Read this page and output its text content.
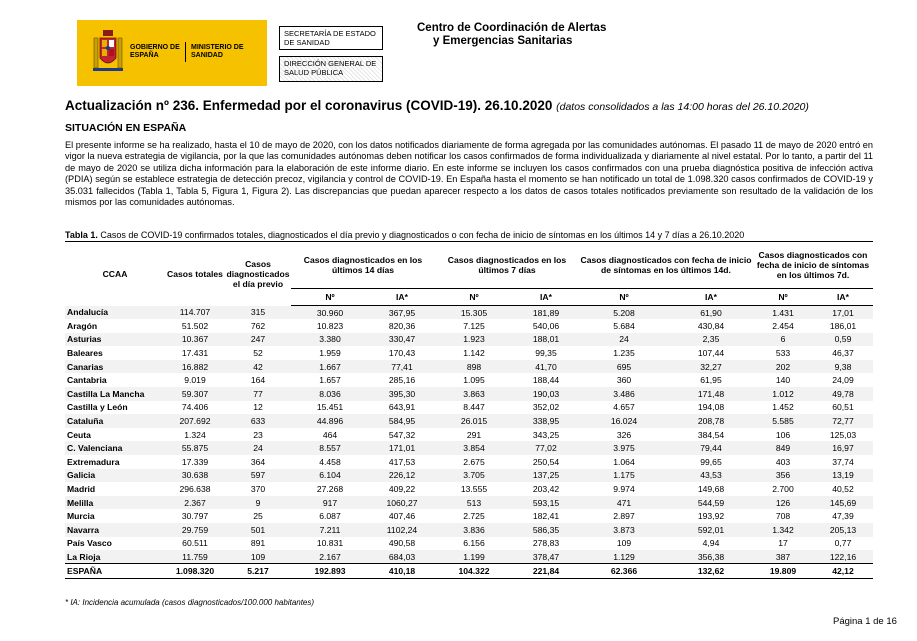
GOBIERNO DE ESPAÑA
MINISTERIO DE SANIDAD
SECRETARÍA DE ESTADO DE SANIDAD
DIRECCIÓN GENERAL DE SALUD PÚBLICA
Centro de Coordinación de Alertas
y Emergencias Sanitarias
Actualización nº 236. Enfermedad por el coronavirus (COVID-19). 26.10.2020 (datos consolidados a las 14:00 horas del 26.10.2020)
SITUACIÓN EN ESPAÑA
El presente informe se ha realizado, hasta el 10 de mayo de 2020, con los datos notificados diariamente de forma agregada por las comunidades autónomas. El pasado 11 de mayo de 2020 entró en vigor la nueva estrategia de vigilancia, por la que las comunidades autónomas deben notificar los casos confirmados de forma individualizada y diariamente al nivel estatal. Por lo tanto, a partir del 11 de mayo de 2020 se utiliza dicha información para la elaboración de este informe diario. En este informe se incluyen los casos confirmados con una prueba diagnóstica positiva de infección activa (PDIA) según se establece estrategia de detección precoz, vigilancia y control de COVID-19. En España hasta el momento se han notificado un total de 1.098.320 casos confirmados de COVID-19 y 35.031 fallecidos (Tabla 1, Tabla 5, Figura 1, Figura 2). Las discrepancias que puedan aparecer respecto a los datos de casos totales notificados previamente son resultado de la validación de los mismos por las comunidades autónomas.
Tabla 1. Casos de COVID-19 confirmados totales, diagnosticados el día previo y diagnosticados o con fecha de inicio de síntomas en los últimos 14 y 7 días a 26.10.2020
CCAA	Casos totales	Casos diagnosticados el día previo	Casos diagnosticados en los últimos 14 días		Casos diagnosticados en los últimos 7 días		Casos diagnosticados con fecha de inicio de síntomas en los últimos 14d.		Casos diagnosticados con fecha de inicio de síntomas en los últimos 7d.	
			Nº	IA*	Nº	IA*	Nº	IA*	Nº	IA*
Andalucía	114.707	315	30.960	367,95	15.305	181,89	5.208	61,90	1.431	17,01
Aragón	51.502	762	10.823	820,36	7.125	540,06	5.684	430,84	2.454	186,01
Asturias	10.367	247	3.380	330,47	1.923	188,01	24	2,35	6	0,59
Baleares	17.431	52	1.959	170,43	1.142	99,35	1.235	107,44	533	46,37
Canarias	16.882	42	1.667	77,41	898	41,70	695	32,27	202	9,38
Cantabria	9.019	164	1.657	285,16	1.095	188,44	360	61,95	140	24,09
Castilla La Mancha	59.307	77	8.036	395,30	3.863	190,03	3.486	171,48	1.012	49,78
Castilla y León	74.406	12	15.451	643,91	8.447	352,02	4.657	194,08	1.452	60,51
Cataluña	207.692	633	44.896	584,95	26.015	338,95	16.024	208,78	5.585	72,77
Ceuta	1.324	23	464	547,32	291	343,25	326	384,54	106	125,03
C. Valenciana	55.875	24	8.557	171,01	3.854	77,02	3.975	79,44	849	16,97
Extremadura	17.339	364	4.458	417,53	2.675	250,54	1.064	99,65	403	37,74
Galicia	30.638	597	6.104	226,12	3.705	137,25	1.175	43,53	356	13,19
Madrid	296.638	370	27.268	409,22	13.555	203,42	9.974	149,68	2.700	40,52
Melilla	2.367	9	917	1060,27	513	593,15	471	544,59	126	145,69
Murcia	30.797	25	6.087	407,46	2.725	182,41	2.897	193,92	708	47,39
Navarra	29.759	501	7.211	1102,24	3.836	586,35	3.873	592,01	1.342	205,13
País Vasco	60.511	891	10.831	490,58	6.156	278,83	109	4,94	17	0,77
La Rioja	11.759	109	2.167	684,03	1.199	378,47	1.129	356,38	387	122,16
ESPAÑA	1.098.320	5.217	192.893	410,18	104.322	221,84	62.366	132,62	19.809	42,12
* IA: Incidencia acumulada (casos diagnosticados/100.000 habitantes)
Página 1 de 16
